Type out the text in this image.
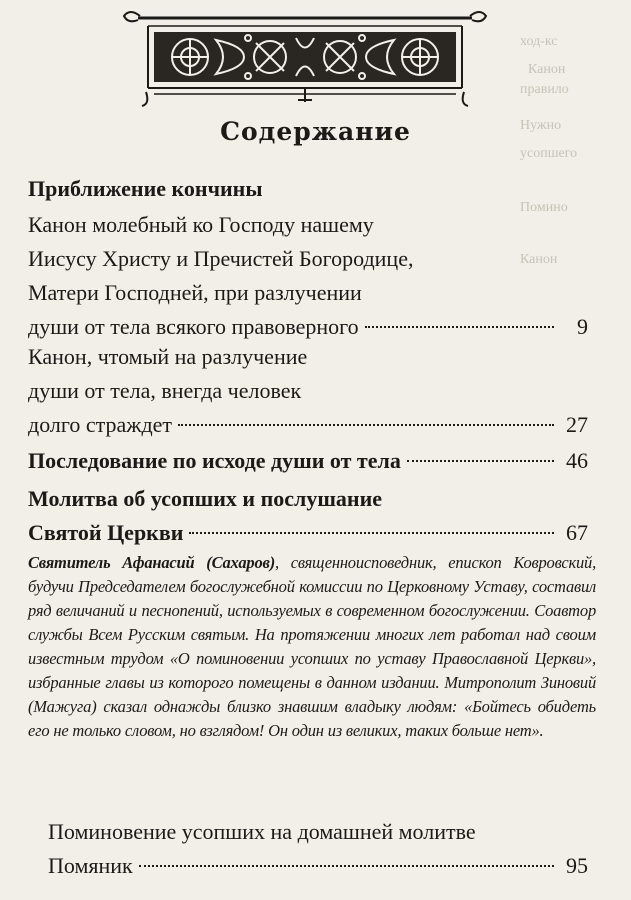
ход-кс
Канон
правило
Нужно
усопшего
Помино
Канон
Содержание
Приближение кончины
Канон молебный ко Господу нашему
Иисусу Христу и Пречистей Богородице,
Матери Господней, при разлучении
души от тела всякого правоверного	9
Канон, чтомый на разлучение
души от тела, внегда человек
долго страждет	27
Последование по исходе души от тела	46
Молитва об усопших и послушание
Святой Церкви	67
Святитель Афанасий (Сахаров), священноисповедник, епископ Ковровский, будучи Председателем богослужебной комиссии по Церковному Уставу, составил ряд величаний и песнопений, используемых в современном богослужении. Соавтор службы Всем Русским святым. На протяжении многих лет работал над своим известным трудом «О поминовении усопших по уставу Православной Церкви», избранные главы из которого помещены в данном издании. Митрополит Зиновий (Мажуга) сказал однажды близко знавшим владыку людям: «Бойтесь обидеть его не только словом, но взглядом! Он один из великих, таких больше нет».
Поминовение усопших на домашней молитве
Помяник	95
